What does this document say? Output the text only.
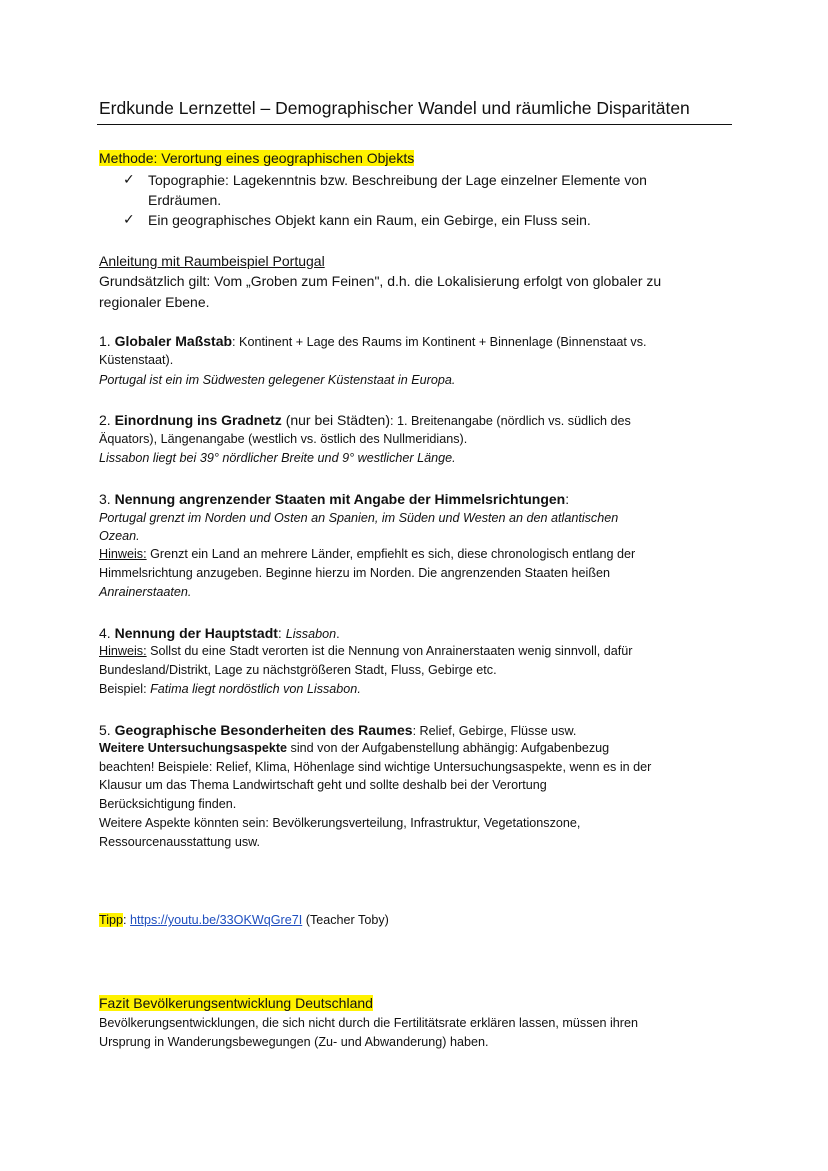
Erdkunde Lernzettel – Demographischer Wandel und räumliche Disparitäten
Methode: Verortung eines geographischen Objekts
✓ Topographie: Lagekenntnis bzw. Beschreibung der Lage einzelner Elemente von
Erdräumen.
✓ Ein geographisches Objekt kann ein Raum, ein Gebirge, ein Fluss sein.
Anleitung mit Raumbeispiel Portugal
Grundsätzlich gilt: Vom „Groben zum Feinen", d.h. die Lokalisierung erfolgt von globaler zu
regionaler Ebene.
1. Globaler Maßstab: Kontinent + Lage des Raums im Kontinent + Binnenlage (Binnenstaat vs.
Küstenstaat).
Portugal ist ein im Südwesten gelegener Küstenstaat in Europa.
2. Einordnung ins Gradnetz (nur bei Städten): 1. Breitenangabe (nördlich vs. südlich des
Äquators), Längenangabe (westlich vs. östlich des Nullmeridians).
Lissabon liegt bei 39° nördlicher Breite und 9° westlicher Länge.
3. Nennung angrenzender Staaten mit Angabe der Himmelsrichtungen:
Portugal grenzt im Norden und Osten an Spanien, im Süden und Westen an den atlantischen
Ozean.
Hinweis: Grenzt ein Land an mehrere Länder, empfiehlt es sich, diese chronologisch entlang der
Himmelsrichtung anzugeben. Beginne hierzu im Norden. Die angrenzenden Staaten heißen
Anrainerstaaten.
4. Nennung der Hauptstadt: Lissabon.
Hinweis: Sollst du eine Stadt verorten ist die Nennung von Anrainerstaaten wenig sinnvoll, dafür
Bundesland/Distrikt, Lage zu nächstgrößeren Stadt, Fluss, Gebirge etc.
Beispiel: Fatima liegt nordöstlich von Lissabon.
5. Geographische Besonderheiten des Raumes: Relief, Gebirge, Flüsse usw.
Weitere Untersuchungsaspekte sind von der Aufgabenstellung abhängig: Aufgabenbezug
beachten! Beispiele: Relief, Klima, Höhenlage sind wichtige Untersuchungsaspekte, wenn es in der
Klausur um das Thema Landwirtschaft geht und sollte deshalb bei der Verortung
Berücksichtigung finden.
Weitere Aspekte könnten sein: Bevölkerungsverteilung, Infrastruktur, Vegetationszone,
Ressourcenausstattung usw.
Tipp: https://youtu.be/33OKWqGre7I (Teacher Toby)
Fazit Bevölkerungsentwicklung Deutschland
Bevölkerungsentwicklungen, die sich nicht durch die Fertilitätsrate erklären lassen, müssen ihren
Ursprung in Wanderungsbewegungen (Zu- und Abwanderung) haben.
